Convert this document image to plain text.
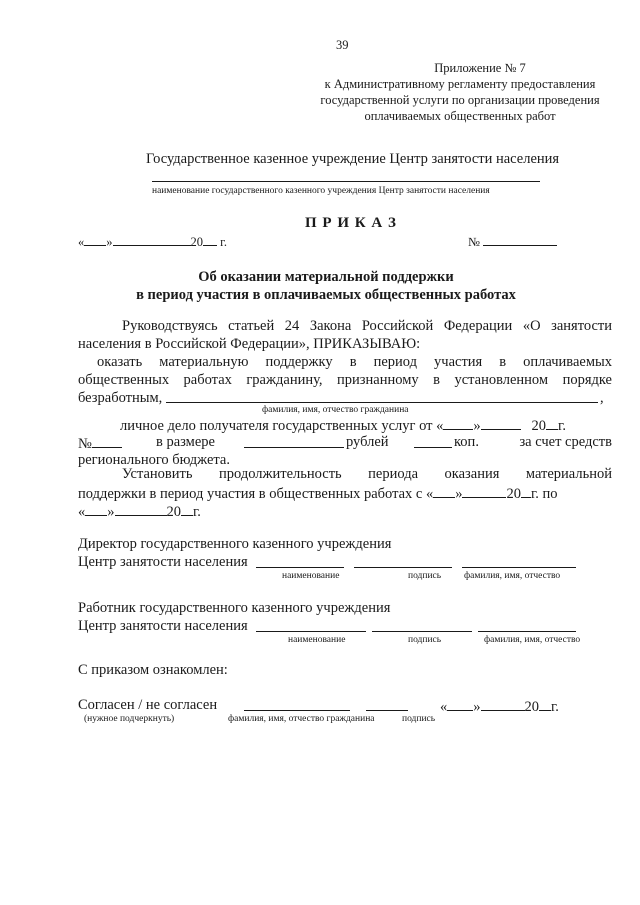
39
Приложение № 7
к Административному регламенту предоставления
государственной услуги по организации проведения
оплачиваемых общественных работ
Государственное казенное учреждение Центр занятости населения
наименование государственного казенного учреждения Центр занятости населения
П Р И К А З
« »	20 г.	№
Об оказании материальной поддержки
в период участия в оплачиваемых общественных работах
Руководствуясь статьей 24 Закона Российской Федерации «О занятости
населения в Российской Федерации», ПРИКАЗЫВАЮ:
оказать материальную поддержку в период участия в оплачиваемых
общественных работах гражданину, признанному в установленном порядке
безработным,	,
фамилия, имя, отчество гражданина
личное дело получателя государственных услуг от « »	20 г.
№	в размере	рублей	коп.	за счет средств
регионального бюджета.
Установить продолжительность периода оказания материальной
поддержки в период участия в общественных работах с « »	20 г. по
« »	20 г.
Директор государственного казенного учреждения
Центр занятости населения
наименование	подпись фамилия, имя, отчество
Работник государственного казенного учреждения
Центр занятости населения
наименование	подпись	фамилия, имя, отчество
С приказом ознакомлен:
Согласен / не согласен	« »	20 г.
(нужное подчеркнуть)	фамилия, имя, отчество гражданина	подпись
